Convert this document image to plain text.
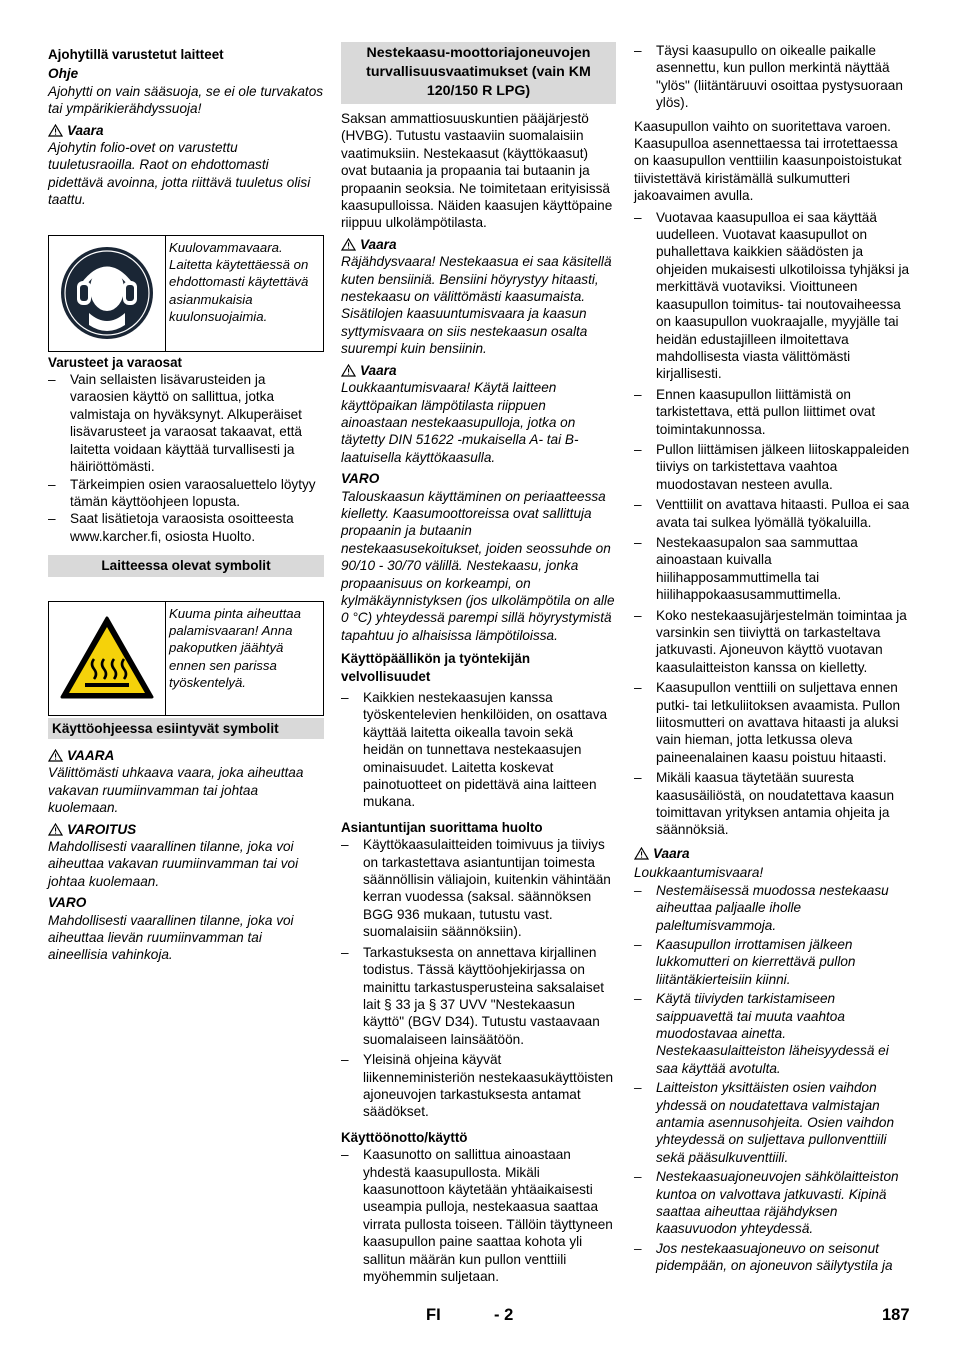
Ajohytillä varustetut laitteet

Ohje

Ajohytti on vain sääsuoja, se ei ole turvakatos tai ympärikierähdyssuoja!

Vaara

Ajohytin folio-ovet on varustettu tuuletusraoilla. Raot on ehdottomasti pidettävä avoinna, jotta riittävä tuuletus olisi taattu.

Kuulovammavaara. Laitetta käytettäessä on ehdottomasti käytettävä asianmukaisia kuulonsuojaimia.
Varusteet ja varaosat
– Vain sellaisten lisävarusteiden ja varaosien käyttö on sallittua, jotka valmistaja on hyväksynyt. Alkuperäiset lisävarusteet ja varaosat takaavat, että laitetta voidaan käyttää turvallisesti ja häiriöttömästi.
– Tärkeimpien osien varaosaluettelo löytyy tämän käyttöohjeen lopusta.
– Saat lisätietoja varaosista osoitteesta www.karcher.fi, osiosta Huolto.
Laitteessa olevat symbolit
Kuuma pinta aiheuttaa palamisvaaran! Anna pakoputken jäähtyä ennen sen parissa työskentelyä.
Käyttöohjeessa esiintyvät symbolit

VAARA

Välittömästi uhkaava vaara, joka aiheuttaa vakavan ruumiinvamman tai johtaa kuolemaan.

VAROITUS

Mahdollisesti vaarallinen tilanne, joka voi aiheuttaa vakavan ruumiinvamman tai voi johtaa kuolemaan.

VARO

Mahdollisesti vaarallinen tilanne, joka voi aiheuttaa lievän ruumiinvamman tai aineellisia vahinkoja.

Nestekaasu-moottoriajoneuvojen turvallisuusvaatimukset (vain KM 120/150 R LPG)

Saksan ammattiosuuskuntien pääjärjestö (HVBG). Tutustu vastaaviin suomalaisiin vaatimuksiin. Nestekaasut (käyttökaasut) ovat butaania ja propaania tai butaanin ja propaanin seoksia. Ne toimitetaan erityisissä kaasupulloissa. Näiden kaasujen käyttöpaine riippuu ulkolämpötilasta.

Vaara

Räjähdysvaara! Nestekaasua ei saa käsitellä kuten bensiiniä. Bensiini höyrystyy hitaasti, nestekaasu on välittömästi kaasumaista. Sisätilojen kaasuuntumisvaara ja kaasun syttymisvaara on siis nestekaasun osalta suurempi kuin bensiinin.

Vaara

Loukkaantumisvaara! Käytä laitteen käyttöpaikan lämpötilasta riippuen ainoastaan nestekaasupulloja, jotka on täytetty DIN 51622 -mukaisella A- tai B-laatuisella käyttökaasulla.

VARO

Talouskaasun käyttäminen on periaatteessa kielletty. Kaasumoottoreissa ovat sallittuja propaanin ja butaanin nestekaasusekoitukset, joiden seossuhde on 90/10 - 30/70 välillä. Nestekaasu, jonka propaanisuus on korkeampi, on kylmäkäynnistyksen (jos ulkolämpötila on alle 0 °C) yhteydessä parempi sillä höyrystymistä tapahtuu jo alhaisissa lämpötiloissa.

Käyttöpäällikön ja työntekijän velvollisuudet
– Kaikkien nestekaasujen kanssa työskentelevien henkilöiden, on osattava käyttää laitetta oikealla tavoin sekä heidän on tunnettava nestekaasujen ominaisuudet. Laitetta koskevat painotuotteet on pidettävä aina laitteen mukana.
Asiantuntijan suorittama huolto
– Käyttökaasulaitteiden toimivuus ja tiiviys on tarkastettava asiantuntijan toimesta säännöllisin väliajoin, kuitenkin vähintään kerran vuodessa (saksal. säännöksen BGG 936 mukaan, tutustu vast. suomalaisiin säännöksiin).
– Tarkastuksesta on annettava kirjallinen todistus. Tässä käyttöohjekirjassa on mainittu tarkastusperusteina saksalaiset lait § 33 ja § 37 UVV "Nestekaasun käyttö" (BGV D34). Tutustu vastaavaan suomalaiseen lainsäätöön.
– Yleisinä ohjeina käyvät liikenneministeriön nestekaasukäyttöisten ajoneuvojen tarkastuksesta antamat säädökset.
Käyttöönotto/käyttö
– Kaasunotto on sallittua ainoastaan yhdestä kaasupullosta. Mikäli kaasunottoon käytetään yhtäaikaisesti useampia pulloja, nestekaasua saattaa virrata pullosta toiseen. Tällöin täyttyneen kaasupullon paine saattaa kohota yli sallitun määrän kun pullon venttiili myöhemmin suljetaan.
– Täysi kaasupullo on oikealle paikalle asennettu, kun pullon merkintä näyttää "ylös" (liitäntäruuvi osoittaa pystysuoraan ylös).

Kaasupullon vaihto on suoritettava varoen. Kaasupulloa asennettaessa tai irrotettaessa on kaasupullon venttiilin kaasunpoistoistukat tiivistettävä kiristämällä sulkumutteri jakoavaimen avulla.

– Vuotavaa kaasupulloa ei saa käyttää uudelleen. Vuotavat kaasupullot on puhallettava kaikkien säädösten ja ohjeiden mukaisesti ulkotiloissa tyhjäksi ja merkittävä vuotaviksi. Vioittuneen kaasupullon toimitus- tai noutovaiheessa on kaasupullon vuokraajalle, myyjälle tai heidän edustajilleen ilmoitettava mahdollisesta viasta välittömästi kirjallisesti.
– Ennen kaasupullon liittämistä on tarkistettava, että pullon liittimet ovat toimintakunnossa.
– Pullon liittämisen jälkeen liitoskappaleiden tiiviys on tarkistettava vaahtoa muodostavan nesteen avulla.
– Venttiilit on avattava hitaasti. Pulloa ei saa avata tai sulkea lyömällä työkaluilla.
– Nestekaasupalon saa sammuttaa ainoastaan kuivalla hiilihapposammuttimella tai hiilihappokaasusammuttimella.
– Koko nestekaasujärjestelmän toimintaa ja varsinkin sen tiiviyttä on tarkasteltava jatkuvasti. Ajoneuvon käyttö vuotavan kaasulaitteiston kanssa on kielletty.
– Kaasupullon venttiili on suljettava ennen putki- tai letkuliitoksen avaamista. Pullon liitosmutteri on avattava hitaasti ja aluksi vain hieman, jotta letkussa oleva paineenalainen kaasu poistuu hitaasti.
– Mikäli kaasua täytetään suuresta kaasusäiliöstä, on noudatettava kaasun toimittavan yrityksen antamia ohjeita ja säännöksiä.

Vaara

Loukkaantumisvaara!

– Nestemäisessä muodossa nestekaasu aiheuttaa paljaalle iholle paleltumisvammoja.
– Kaasupullon irrottamisen jälkeen lukkomutteri on kierrettävä pullon liitäntäkierteisiin kiinni.
– Käytä tiiviyden tarkistamiseen saippuavettä tai muuta vaahtoa muodostavaa ainetta. Nestekaasulaitteiston läheisyydessä ei saa käyttää avotulta.
– Laitteiston yksittäisten osien vaihdon yhdessä on noudatettava valmistajan antamia asennusohjeita. Osien vaihdon yhteydessä on suljettava pullonventtiili sekä pääsulkuventtiili.
– Nestekaasuajoneuvojen sähkölaitteiston kuntoa on valvottava jatkuvasti. Kipinä saattaa aiheuttaa räjähdyksen kaasuvuodon yhteydessä.
– Jos nestekaasuajoneuvo on seisonut pidempään, on ajoneuvon säilytystila ja
FI	- 2	187
